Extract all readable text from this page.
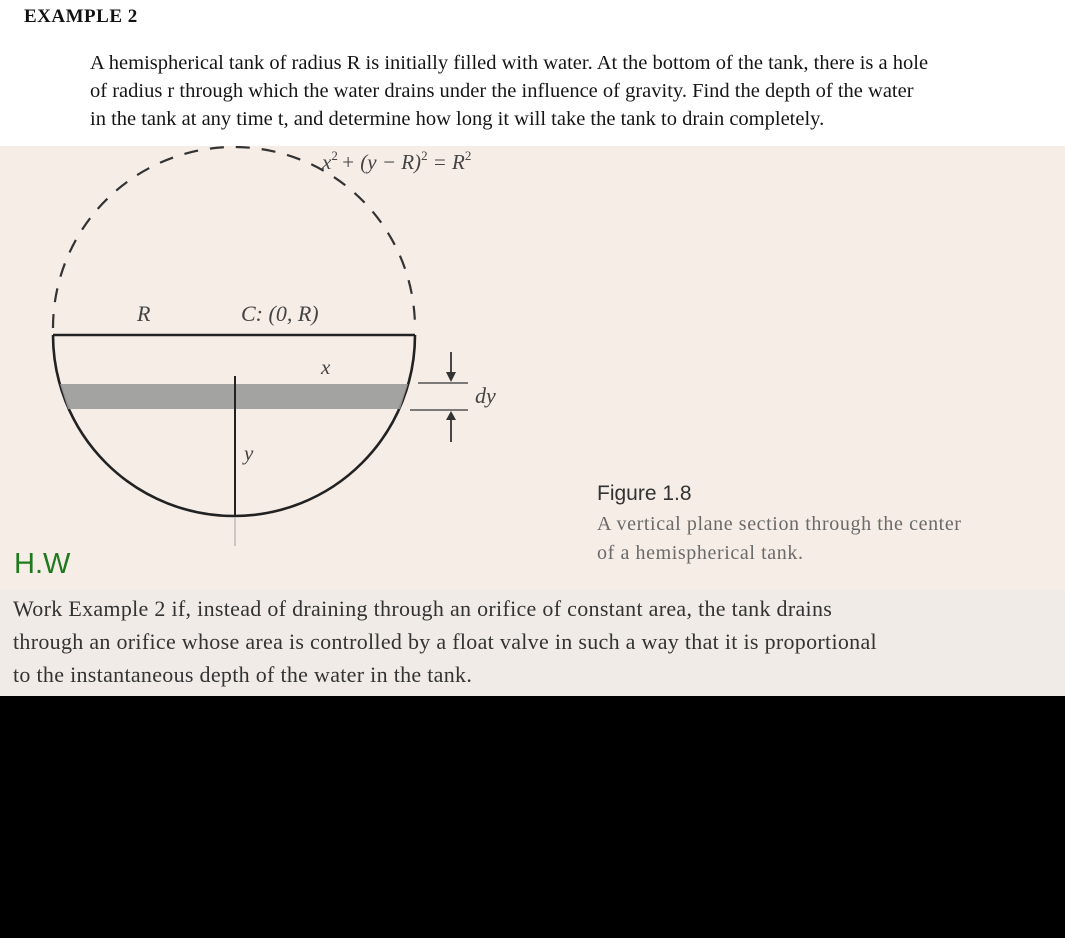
EXAMPLE 2

A hemispherical tank of radius R is initially filled with water. At the bottom of the tank, there is a hole
of radius r through which the water drains under the influence of gravity. Find the depth of the water
in the tank at any time t, and determine how long it will take the tank to drain completely.

$x^2 + (y - R)^2 = R^2$
R	C: (0, R)
x
y
dy
Figure 1.8

A vertical plane section through the center
of a hemispherical tank.

H.W

Work Example 2 if, instead of draining through an orifice of constant area, the tank drains
through an orifice whose area is controlled by a float valve in such a way that it is proportional
to the instantaneous depth of the water in the tank.
